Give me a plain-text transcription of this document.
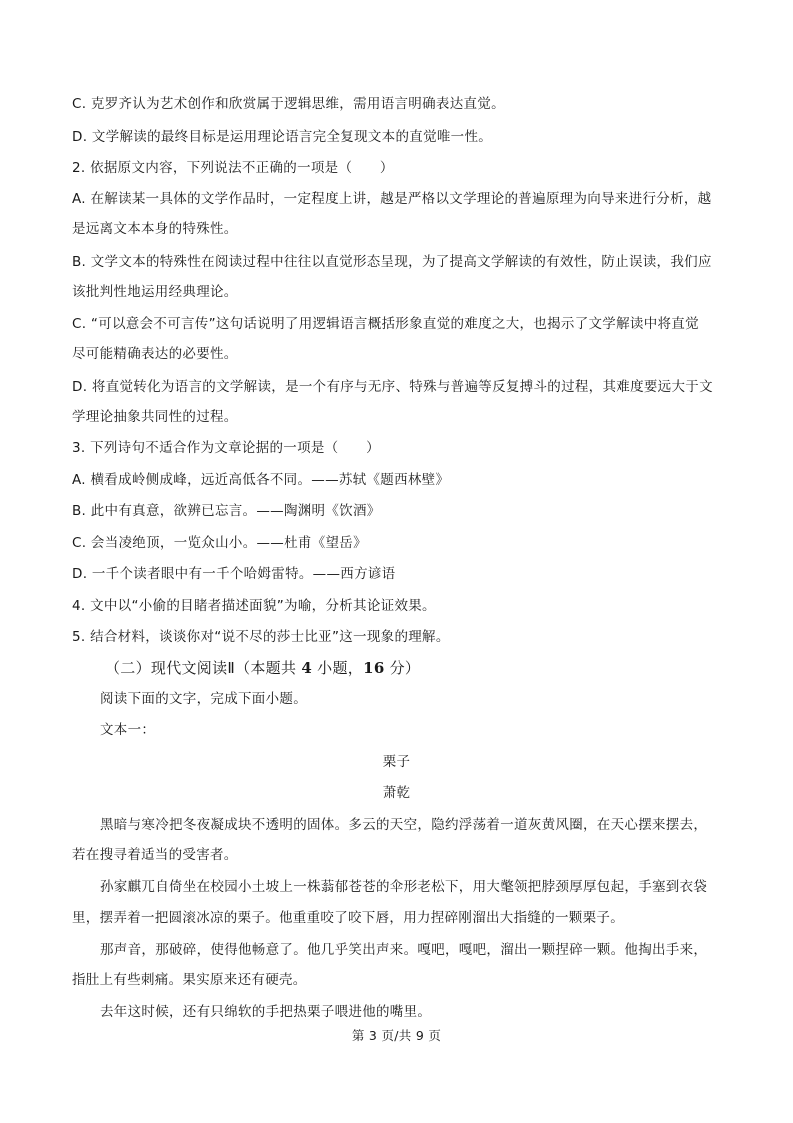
C. 克罗齐认为艺术创作和欣赏属于逻辑思维，需用语言明确表达直觉。
D. 文学解读的最终目标是运用理论语言完全复现文本的直觉唯一性。
2. 依据原文内容，下列说法不正确的一项是（　　）
A. 在解读某一具体的文学作品时，一定程度上讲，越是严格以文学理论的普遍原理为向导来进行分析，越
是远离文本本身的特殊性。
B. 文学文本的特殊性在阅读过程中往往以直觉形态呈现，为了提高文学解读的有效性，防止误读，我们应
该批判性地运用经典理论。
C. “可以意会不可言传”这句话说明了用逻辑语言概括形象直觉的难度之大，也揭示了文学解读中将直觉
尽可能精确表达的必要性。
D. 将直觉转化为语言的文学解读，是一个有序与无序、特殊与普遍等反复搏斗的过程，其难度要远大于文
学理论抽象共同性的过程。
3. 下列诗句不适合作为文章论据的一项是（　　）
A. 横看成岭侧成峰，远近高低各不同。——苏轼《题西林壁》
B. 此中有真意，欲辨已忘言。——陶渊明《饮酒》
C. 会当凌绝顶，一览众山小。——杜甫《望岳》
D. 一千个读者眼中有一千个哈姆雷特。——西方谚语
4. 文中以“小偷的目睹者描述面貌”为喻，分析其论证效果。
5. 结合材料，谈谈你对“说不尽的莎士比亚”这一现象的理解。
（二）现代文阅读Ⅱ（本题共 4 小题，16 分）
阅读下面的文字，完成下面小题。
文本一：
栗子
萧乾
黑暗与寒冷把冬夜凝成块不透明的固体。多云的天空，隐约浮荡着一道灰黄风圈，在天心摆来摆去，
若在搜寻着适当的受害者。
孙家麒兀自倚坐在校园小土坡上一株蓊郁苍苍的伞形老松下，用大氅领把脖颈厚厚包起，手塞到衣袋
里，摆弄着一把圆滚冰凉的栗子。他重重咬了咬下唇，用力捏碎刚溜出大指缝的一颗栗子。
那声音，那破碎，使得他畅意了。他几乎笑出声来。嘎吧，嘎吧，溜出一颗捏碎一颗。他掏出手来，
指肚上有些刺痛。果实原来还有硬壳。
去年这时候，还有只绵软的手把热栗子喂进他的嘴里。
第 3 页/共 9 页
